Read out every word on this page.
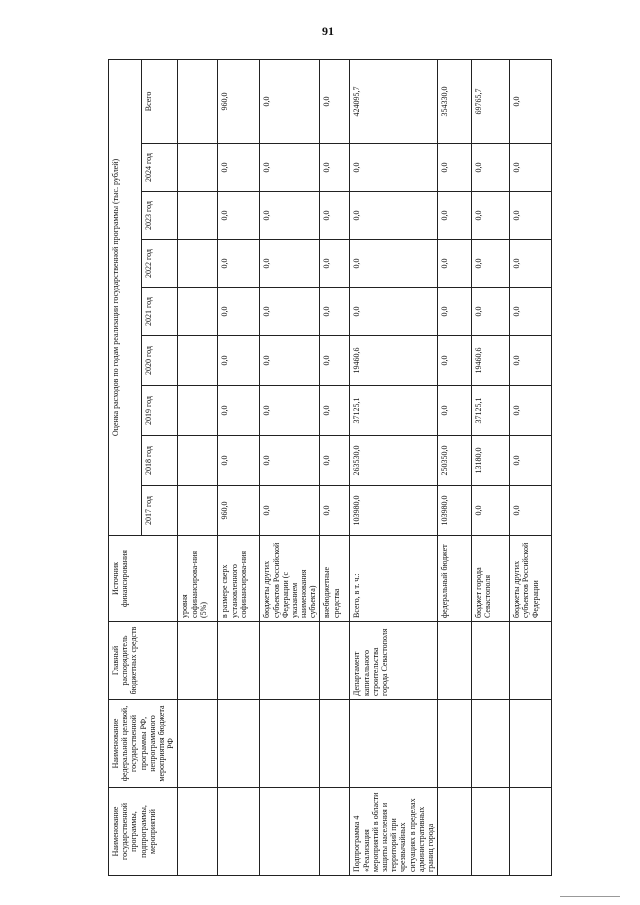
91
Наименование государственной программы, подпрограммы, мероприятий	Наименование федеральной целевой, государственной программы РФ, непрограммного мероприятия бюджета РФ	Главный распорядитель бюджетных средств	Источник финансирования	Оценка расходов по годам реализации государственной программы (тыс. рублей)								
				2017 год	2018 год	2019 год	2020 год	2021 год	2022 год	2023 год	2024 год	Всего
			уровня софинансирова-ния (5%)									
			в размере сверх установленного софинансирова-ния	960,0	0,0	0,0	0,0	0,0	0,0	0,0	0,0	960,0
			бюджеты других субъектов Российской Федерации (с указанием наименования субъекта)	0,0	0,0	0,0	0,0	0,0	0,0	0,0	0,0	0,0
			внебюджетные средства	0,0	0,0	0,0	0,0	0,0	0,0	0,0	0,0	0,0
Подпрограмма 4 «Реализация мероприятий в области защиты населения и территорий при чрезвычайных ситуациях в пределах административных границ города		Департамент капитального строительства города Севастополя	Всего, в т. ч.:	103980,0	263530,0	37125,1	19460,6	0,0	0,0	0,0	0,0	424095,7
			федеральный бюджет	103980,0	250350,0	0,0	0,0	0,0	0,0	0,0	0,0	354330,0
			бюджет города Севастополя	0,0	13180,0	37125,1	19460,6	0,0	0,0	0,0	0,0	69765,7
			бюджеты других субъектов Российской Федерации	0,0	0,0	0,0	0,0	0,0	0,0	0,0	0,0	0,0
